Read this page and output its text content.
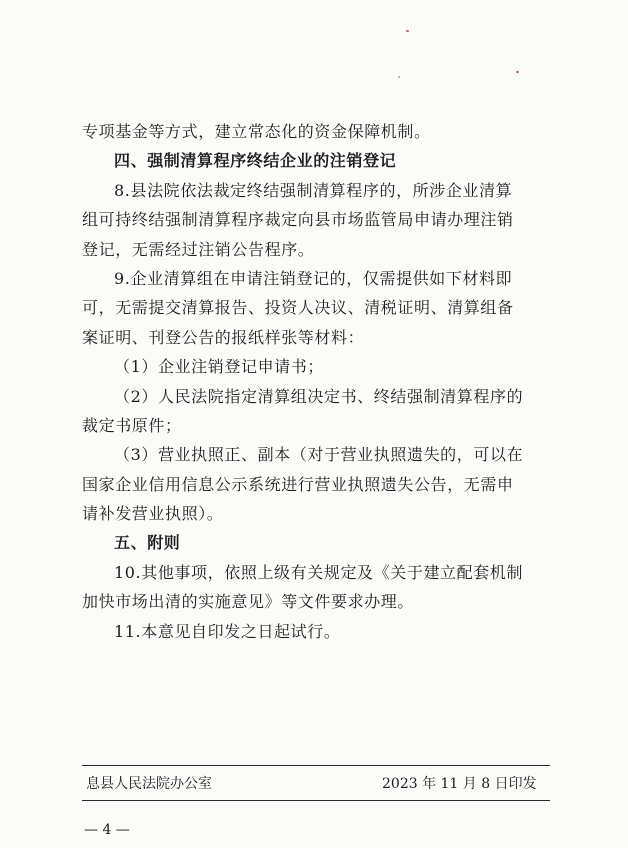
专项基金等方式，建立常态化的资金保障机制。
四、强制清算程序终结企业的注销登记
8.县法院依法裁定终结强制清算程序的，所涉企业清算
组可持终结强制清算程序裁定向县市场监管局申请办理注销
登记，无需经过注销公告程序。
9.企业清算组在申请注销登记的，仅需提供如下材料即
可，无需提交清算报告、投资人决议、清税证明、清算组备
案证明、刊登公告的报纸样张等材料：
（1）企业注销登记申请书；
（2）人民法院指定清算组决定书、终结强制清算程序的
裁定书原件；
（3）营业执照正、副本（对于营业执照遗失的，可以在
国家企业信用信息公示系统进行营业执照遗失公告，无需申
请补发营业执照）。
五、附则
10.其他事项，依照上级有关规定及《关于建立配套机制
加快市场出清的实施意见》等文件要求办理。
11.本意见自印发之日起试行。
息县人民法院办公室	2023 年 11 月 8 日印发
— 4 —
